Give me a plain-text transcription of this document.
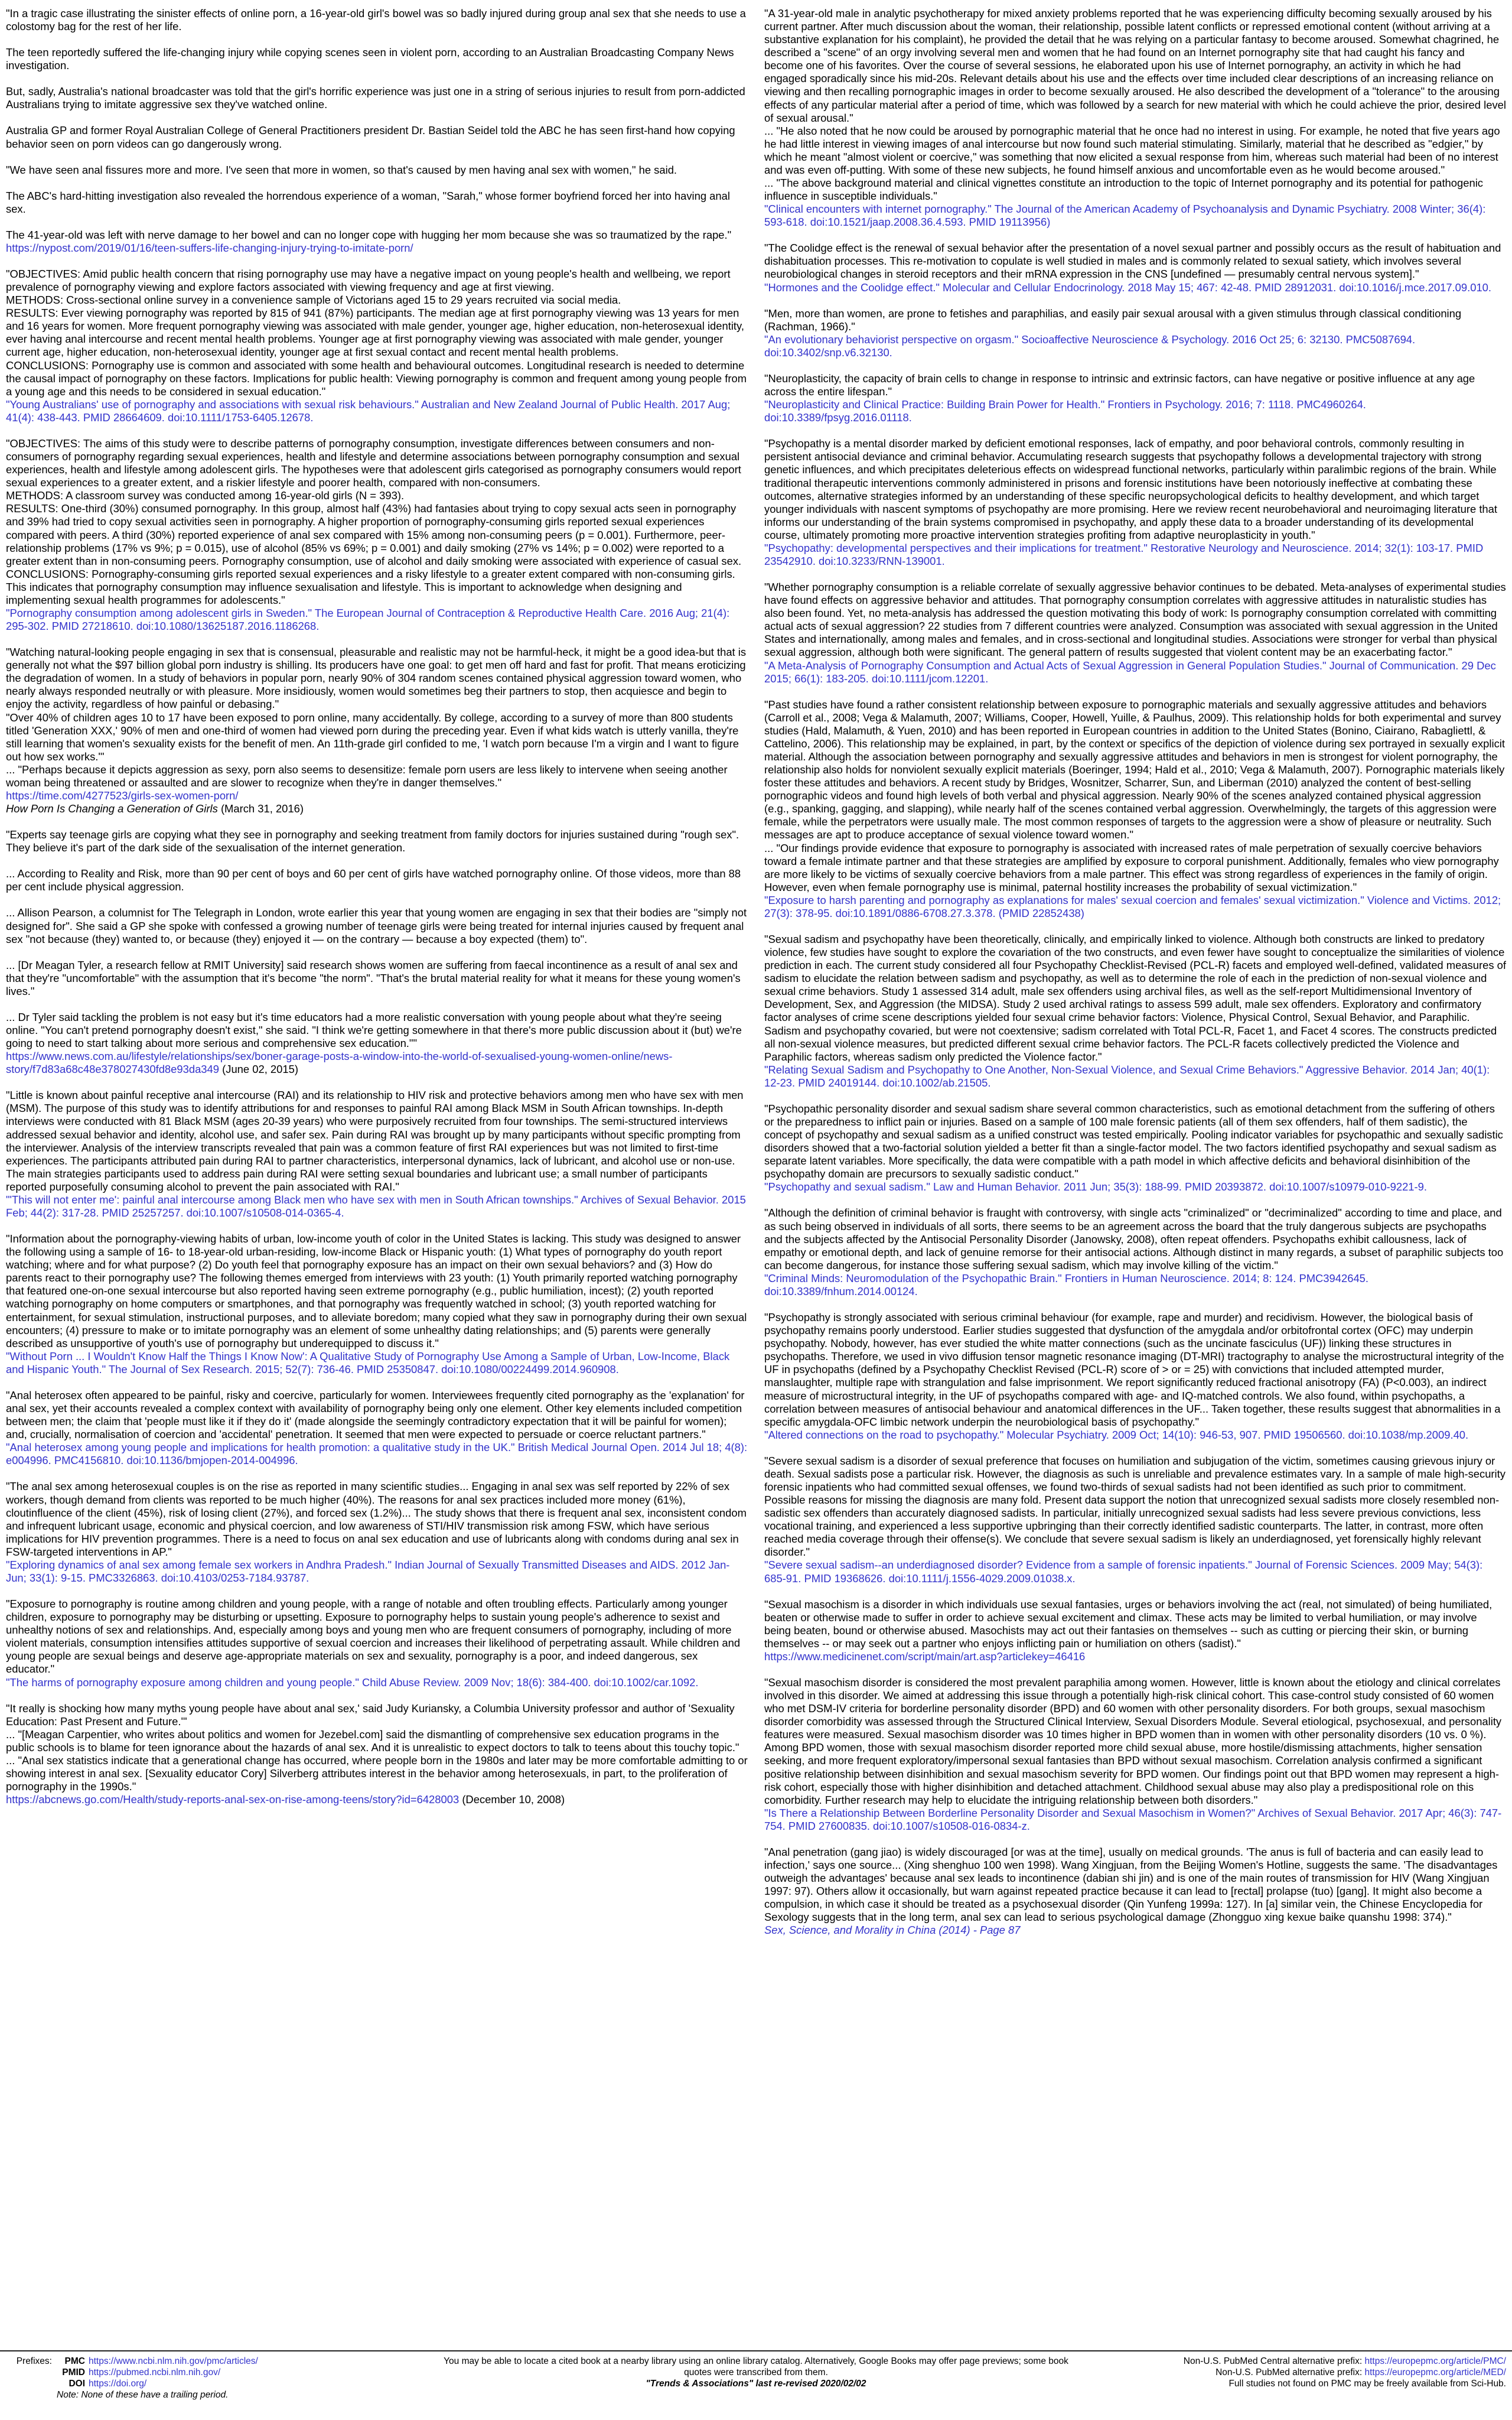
"In a tragic case illustrating the sinister effects of online porn, a 16-year-old girl's bowel was so badly injured during group anal sex that she needs to use a colostomy bag for the rest of her life.

The teen reportedly suffered the life-changing injury while copying scenes seen in violent porn, according to an Australian Broadcasting Company News investigation.

But, sadly, Australia's national broadcaster was told that the girl's horrific experience was just one in a string of serious injuries to result from porn-addicted Australians trying to imitate aggressive sex they've watched online.

Australia GP and former Royal Australian College of General Practitioners president Dr. Bastian Seidel told the ABC he has seen first-hand how copying behavior seen on porn videos can go dangerously wrong.

"We have seen anal fissures more and more. I've seen that more in women, so that's caused by men having anal sex with women," he said.

The ABC's hard-hitting investigation also revealed the horrendous experience of a woman, "Sarah," whose former boyfriend forced her into having anal sex.

The 41-year-old was left with nerve damage to her bowel and can no longer cope with hugging her mom because she was so traumatized by the rape."

https://nypost.com/2019/01/16/teen-suffers-life-changing-injury-trying-to-imitate-porn/

"OBJECTIVES: Amid public health concern that rising pornography use may have a negative impact on young people's health and wellbeing, we report prevalence of pornography viewing and explore factors associated with viewing frequency and age at first viewing.
METHODS: Cross-sectional online survey in a convenience sample of Victorians aged 15 to 29 years recruited via social media.
RESULTS: Ever viewing pornography was reported by 815 of 941 (87%) participants. The median age at first pornography viewing was 13 years for men and 16 years for women. More frequent pornography viewing was associated with male gender, younger age, higher education, non-heterosexual identity, ever having anal intercourse and recent mental health problems. Younger age at first pornography viewing was associated with male gender, younger current age, higher education, non-heterosexual identity, younger age at first sexual contact and recent mental health problems.
CONCLUSIONS: Pornography use is common and associated with some health and behavioural outcomes. Longitudinal research is needed to determine the causal impact of pornography on these factors. Implications for public health: Viewing pornography is common and frequent among young people from a young age and this needs to be considered in sexual education."

"Young Australians' use of pornography and associations with sexual risk behaviours." Australian and New Zealand Journal of Public Health. 2017 Aug; 41(4): 438-443. PMID 28664609. doi:10.1111/1753-6405.12678.

"OBJECTIVES: The aims of this study were to describe patterns of pornography consumption, investigate differences between consumers and non-consumers of pornography regarding sexual experiences, health and lifestyle and determine associations between pornography consumption and sexual experiences, health and lifestyle among adolescent girls. The hypotheses were that adolescent girls categorised as pornography consumers would report sexual experiences to a greater extent, and a riskier lifestyle and poorer health, compared with non-consumers.
METHODS: A classroom survey was conducted among 16-year-old girls (N = 393).
RESULTS: One-third (30%) consumed pornography. In this group, almost half (43%) had fantasies about trying to copy sexual acts seen in pornography and 39% had tried to copy sexual activities seen in pornography. A higher proportion of pornography-consuming girls reported sexual experiences compared with peers. A third (30%) reported experience of anal sex compared with 15% among non-consuming peers (p = 0.001). Furthermore, peer-relationship problems (17% vs 9%; p = 0.015), use of alcohol (85% vs 69%; p = 0.001) and daily smoking (27% vs 14%; p = 0.002) were reported to a greater extent than in non-consuming peers. Pornography consumption, use of alcohol and daily smoking were associated with experience of casual sex.
CONCLUSIONS: Pornography-consuming girls reported sexual experiences and a risky lifestyle to a greater extent compared with non-consuming girls. This indicates that pornography consumption may influence sexualisation and lifestyle. This is important to acknowledge when designing and implementing sexual health programmes for adolescents."

"Pornography consumption among adolescent girls in Sweden." The European Journal of Contraception & Reproductive Health Care. 2016 Aug; 21(4): 295-302. PMID 27218610. doi:10.1080/13625187.2016.1186268.

"Watching natural-looking people engaging in sex that is consensual, pleasurable and realistic may not be harmful-heck, it might be a good idea-but that is generally not what the $97 billion global porn industry is shilling. Its producers have one goal: to get men off hard and fast for profit. That means eroticizing the degradation of women. In a study of behaviors in popular porn, nearly 90% of 304 random scenes contained physical aggression toward women, who nearly always responded neutrally or with pleasure. More insidiously, women would sometimes beg their partners to stop, then acquiesce and begin to enjoy the activity, regardless of how painful or debasing."
"Over 40% of children ages 10 to 17 have been exposed to porn online, many accidentally. By college, according to a survey of more than 800 students titled 'Generation XXX,' 90% of men and one-third of women had viewed porn during the preceding year. Even if what kids watch is utterly vanilla, they're still learning that women's sexuality exists for the benefit of men. An 11th-grade girl confided to me, 'I watch porn because I'm a virgin and I want to figure out how sex works.'"
... "Perhaps because it depicts aggression as sexy, porn also seems to desensitize: female porn users are less likely to intervene when seeing another woman being threatened or assaulted and are slower to recognize when they're in danger themselves."

https://time.com/4277523/girls-sex-women-porn/
How Porn Is Changing a Generation of Girls (March 31, 2016)

"Experts say teenage girls are copying what they see in pornography and seeking treatment from family doctors for injuries sustained during "rough sex". They believe it's part of the dark side of the sexualisation of the internet generation.

... According to Reality and Risk, more than 90 per cent of boys and 60 per cent of girls have watched pornography online. Of those videos, more than 88 per cent include physical aggression.

... Allison Pearson, a columnist for The Telegraph in London, wrote earlier this year that young women are engaging in sex that their bodies are "simply not designed for". She said a GP she spoke with confessed a growing number of teenage girls were being treated for internal injuries caused by frequent anal sex "not because (they) wanted to, or because (they) enjoyed it — on the contrary — because a boy expected (them) to".

... [Dr Meagan Tyler, a research fellow at RMIT University] said research shows women are suffering from faecal incontinence as a result of anal sex and that they're "uncomfortable" with the assumption that it's become "the norm". "That's the brutal material reality for what it means for these young women's lives."

... Dr Tyler said tackling the problem is not easy but it's time educators had a more realistic conversation with young people about what they're seeing online. "You can't pretend pornography doesn't exist," she said. "I think we're getting somewhere in that there's more public discussion about it (but) we're going to need to start talking about more serious and comprehensive sex education.""

https://www.news.com.au/lifestyle/relationships/sex/boner-garage-posts-a-window-into-the-world-of-sexualised-young-women-online/news-story/f7d83a68c48e378027430fd8e93da349 (June 02, 2015)

"Little is known about painful receptive anal intercourse (RAI) and its relationship to HIV risk and protective behaviors among men who have sex with men (MSM). The purpose of this study was to identify attributions for and responses to painful RAI among Black MSM in South African townships. In-depth interviews were conducted with 81 Black MSM (ages 20-39 years) who were purposively recruited from four townships. The semi-structured interviews addressed sexual behavior and identity, alcohol use, and safer sex. Pain during RAI was brought up by many participants without specific prompting from the interviewer. Analysis of the interview transcripts revealed that pain was a common feature of first RAI experiences but was not limited to first-time experiences. The participants attributed pain during RAI to partner characteristics, interpersonal dynamics, lack of lubricant, and alcohol use or non-use. The main strategies participants used to address pain during RAI were setting sexual boundaries and lubricant use; a small number of participants reported purposefully consuming alcohol to prevent the pain associated with RAI."

"'This will not enter me': painful anal intercourse among Black men who have sex with men in South African townships." Archives of Sexual Behavior. 2015 Feb; 44(2): 317-28. PMID 25257257. doi:10.1007/s10508-014-0365-4.

"Information about the pornography-viewing habits of urban, low-income youth of color in the United States is lacking. This study was designed to answer the following using a sample of 16- to 18-year-old urban-residing, low-income Black or Hispanic youth: (1) What types of pornography do youth report watching; where and for what purpose? (2) Do youth feel that pornography exposure has an impact on their own sexual behaviors? and (3) How do parents react to their pornography use? The following themes emerged from interviews with 23 youth: (1) Youth primarily reported watching pornography that featured one-on-one sexual intercourse but also reported having seen extreme pornography (e.g., public humiliation, incest); (2) youth reported watching pornography on home computers or smartphones, and that pornography was frequently watched in school; (3) youth reported watching for entertainment, for sexual stimulation, instructional purposes, and to alleviate boredom; many copied what they saw in pornography during their own sexual encounters; (4) pressure to make or to imitate pornography was an element of some unhealthy dating relationships; and (5) parents were generally described as unsupportive of youth's use of pornography but underequipped to discuss it."

"Without Porn ... I Wouldn't Know Half the Things I Know Now': A Qualitative Study of Pornography Use Among a Sample of Urban, Low-Income, Black and Hispanic Youth." The Journal of Sex Research. 2015; 52(7): 736-46. PMID 25350847. doi:10.1080/00224499.2014.960908.

"Anal heterosex often appeared to be painful, risky and coercive, particularly for women. Interviewees frequently cited pornography as the 'explanation' for anal sex, yet their accounts revealed a complex context with availability of pornography being only one element. Other key elements included competition between men; the claim that 'people must like it if they do it' (made alongside the seemingly contradictory expectation that it will be painful for women); and, crucially, normalisation of coercion and 'accidental' penetration. It seemed that men were expected to persuade or coerce reluctant partners."

"Anal heterosex among young people and implications for health promotion: a qualitative study in the UK." British Medical Journal Open. 2014 Jul 18; 4(8): e004996. PMC4156810. doi:10.1136/bmjopen-2014-004996.

"The anal sex among heterosexual couples is on the rise as reported in many scientific studies... Engaging in anal sex was self reported by 22% of sex workers, though demand from clients was reported to be much higher (40%). The reasons for anal sex practices included more money (61%), cloutinfluence of the client (45%), risk of losing client (27%), and forced sex (1.2%)... The study shows that there is frequent anal sex, inconsistent condom and infrequent lubricant usage, economic and physical coercion, and low awareness of STI/HIV transmission risk among FSW, which have serious implications for HIV prevention programmes. There is a need to focus on anal sex education and use of lubricants along with condoms during anal sex in FSW-targeted interventions in AP."

"Exploring dynamics of anal sex among female sex workers in Andhra Pradesh." Indian Journal of Sexually Transmitted Diseases and AIDS. 2012 Jan-Jun; 33(1): 9-15. PMC3326863. doi:10.4103/0253-7184.93787.

"Exposure to pornography is routine among children and young people, with a range of notable and often troubling effects. Particularly among younger children, exposure to pornography may be disturbing or upsetting. Exposure to pornography helps to sustain young people's adherence to sexist and unhealthy notions of sex and relationships. And, especially among boys and young men who are frequent consumers of pornography, including of more violent materials, consumption intensifies attitudes supportive of sexual coercion and increases their likelihood of perpetrating assault. While children and young people are sexual beings and deserve age-appropriate materials on sex and sexuality, pornography is a poor, and indeed dangerous, sex educator."

"The harms of pornography exposure among children and young people." Child Abuse Review. 2009 Nov; 18(6): 384-400. doi:10.1002/car.1092.

"It really is shocking how many myths young people have about anal sex,' said Judy Kuriansky, a Columbia University professor and author of 'Sexuality Education: Past Present and Future.'"
... "[Meagan Carpentier, who writes about politics and women for Jezebel.com] said the dismantling of comprehensive sex education programs in the public schools is to blame for teen ignorance about the hazards of anal sex. And it is unrealistic to expect doctors to talk to teens about this touchy topic."
... "Anal sex statistics indicate that a generational change has occurred, where people born in the 1980s and later may be more comfortable admitting to or showing interest in anal sex. [Sexuality educator Cory] Silverberg attributes interest in the behavior among heterosexuals, in part, to the proliferation of pornography in the 1990s."

https://abcnews.go.com/Health/study-reports-anal-sex-on-rise-among-teens/story?id=6428003 (December 10, 2008)

"A 31-year-old male in analytic psychotherapy for mixed anxiety problems reported that he was experiencing difficulty becoming sexually aroused by his current partner. After much discussion about the woman, their relationship, possible latent conflicts or repressed emotional content (without arriving at a substantive explanation for his complaint), he provided the detail that he was relying on a particular fantasy to become aroused. Somewhat chagrined, he described a "scene" of an orgy involving several men and women that he had found on an Internet pornography site that had caught his fancy and become one of his favorites. Over the course of several sessions, he elaborated upon his use of Internet pornography, an activity in which he had engaged sporadically since his mid-20s. Relevant details about his use and the effects over time included clear descriptions of an increasing reliance on viewing and then recalling pornographic images in order to become sexually aroused. He also described the development of a "tolerance" to the arousing effects of any particular material after a period of time, which was followed by a search for new material with which he could achieve the prior, desired level of sexual arousal."
... "He also noted that he now could be aroused by pornographic material that he once had no interest in using. For example, he noted that five years ago he had little interest in viewing images of anal intercourse but now found such material stimulating. Similarly, material that he described as "edgier," by which he meant "almost violent or coercive," was something that now elicited a sexual response from him, whereas such material had been of no interest and was even off-putting. With some of these new subjects, he found himself anxious and uncomfortable even as he would become aroused."
... "The above background material and clinical vignettes constitute an introduction to the topic of Internet pornography and its potential for pathogenic influence in susceptible individuals."

"Clinical encounters with internet pornography." The Journal of the American Academy of Psychoanalysis and Dynamic Psychiatry. 2008 Winter; 36(4): 593-618. doi:10.1521/jaap.2008.36.4.593. PMID 19113956)

"The Coolidge effect is the renewal of sexual behavior after the presentation of a novel sexual partner and possibly occurs as the result of habituation and dishabituation processes. This re-motivation to copulate is well studied in males and is commonly related to sexual satiety, which involves several neurobiological changes in steroid receptors and their mRNA expression in the CNS [undefined — presumably central nervous system]."

"Hormones and the Coolidge effect." Molecular and Cellular Endocrinology. 2018 May 15; 467: 42-48. PMID 28912031. doi:10.1016/j.mce.2017.09.010.

"Men, more than women, are prone to fetishes and paraphilias, and easily pair sexual arousal with a given stimulus through classical conditioning (Rachman, 1966)."

"An evolutionary behaviorist perspective on orgasm." Socioaffective Neuroscience & Psychology. 2016 Oct 25; 6: 32130. PMC5087694. doi:10.3402/snp.v6.32130.

"Neuroplasticity, the capacity of brain cells to change in response to intrinsic and extrinsic factors, can have negative or positive influence at any age across the entire lifespan."

"Neuroplasticity and Clinical Practice: Building Brain Power for Health." Frontiers in Psychology. 2016; 7: 1118. PMC4960264. doi:10.3389/fpsyg.2016.01118.

"Psychopathy is a mental disorder marked by deficient emotional responses, lack of empathy, and poor behavioral controls, commonly resulting in persistent antisocial deviance and criminal behavior. Accumulating research suggests that psychopathy follows a developmental trajectory with strong genetic influences, and which precipitates deleterious effects on widespread functional networks, particularly within paralimbic regions of the brain. While traditional therapeutic interventions commonly administered in prisons and forensic institutions have been notoriously ineffective at combating these outcomes, alternative strategies informed by an understanding of these specific neuropsychological deficits to healthy development, and which target younger individuals with nascent symptoms of psychopathy are more promising. Here we review recent neurobehavioral and neuroimaging literature that informs our understanding of the brain systems compromised in psychopathy, and apply these data to a broader understanding of its developmental course, ultimately promoting more proactive intervention strategies profiting from adaptive neuroplasticity in youth."

"Psychopathy: developmental perspectives and their implications for treatment." Restorative Neurology and Neuroscience. 2014; 32(1): 103-17. PMID 23542910. doi:10.3233/RNN-139001.

"Whether pornography consumption is a reliable correlate of sexually aggressive behavior continues to be debated. Meta-analyses of experimental studies have found effects on aggressive behavior and attitudes. That pornography consumption correlates with aggressive attitudes in naturalistic studies has also been found. Yet, no meta-analysis has addressed the question motivating this body of work: Is pornography consumption correlated with committing actual acts of sexual aggression? 22 studies from 7 different countries were analyzed. Consumption was associated with sexual aggression in the United States and internationally, among males and females, and in cross-sectional and longitudinal studies. Associations were stronger for verbal than physical sexual aggression, although both were significant. The general pattern of results suggested that violent content may be an exacerbating factor."

"A Meta-Analysis of Pornography Consumption and Actual Acts of Sexual Aggression in General Population Studies." Journal of Communication. 29 Dec 2015; 66(1): 183-205. doi:10.1111/jcom.12201.

"Past studies have found a rather consistent relationship between exposure to pornographic materials and sexually aggressive attitudes and behaviors (Carroll et al., 2008; Vega & Malamuth, 2007; Williams, Cooper, Howell, Yuille, & Paulhus, 2009). This relationship holds for both experimental and survey studies (Hald, Malamuth, & Yuen, 2010) and has been reported in European countries in addition to the United States (Bonino, Ciairano, Rabagliettl, & Cattelino, 2006). This relationship may be explained, in part, by the context or specifics of the depiction of violence during sex portrayed in sexually explicit material. Although the association between pornography and sexually aggressive attitudes and behaviors in men is strongest for violent pornography, the relationship also holds for nonviolent sexually explicit materials (Boeringer, 1994; Hald et al., 2010; Vega & Malamuth, 2007). Pornographic materials likely foster these attitudes and behaviors. A recent study by Bridges, Wosnitzer, Scharrer, Sun, and Liberman (2010) analyzed the content of best-selling pornographic videos and found high levels of both verbal and physical aggression. Nearly 90% of the scenes analyzed contained physical aggression (e.g., spanking, gagging, and slapping), while nearly half of the scenes contained verbal aggression. Overwhelmingly, the targets of this aggression were female, while the perpetrators were usually male. The most common responses of targets to the aggression were a show of pleasure or neutrality. Such messages are apt to produce acceptance of sexual violence toward women."
... "Our findings provide evidence that exposure to pornography is associated with increased rates of male perpetration of sexually coercive behaviors toward a female intimate partner and that these strategies are amplified by exposure to corporal punishment. Additionally, females who view pornography are more likely to be victims of sexually coercive behaviors from a male partner. This effect was strong regardless of experiences in the family of origin. However, even when female pornography use is minimal, paternal hostility increases the probability of sexual victimization."

"Exposure to harsh parenting and pornography as explanations for males' sexual coercion and females' sexual victimization." Violence and Victims. 2012; 27(3): 378-95. doi:10.1891/0886-6708.27.3.378. (PMID 22852438)

"Sexual sadism and psychopathy have been theoretically, clinically, and empirically linked to violence. Although both constructs are linked to predatory violence, few studies have sought to explore the covariation of the two constructs, and even fewer have sought to conceptualize the similarities of violence prediction in each. The current study considered all four Psychopathy Checklist-Revised (PCL-R) facets and employed well-defined, validated measures of sadism to elucidate the relation between sadism and psychopathy, as well as to determine the role of each in the prediction of non-sexual violence and sexual crime behaviors. Study 1 assessed 314 adult, male sex offenders using archival files, as well as the self-report Multidimensional Inventory of Development, Sex, and Aggression (the MIDSA). Study 2 used archival ratings to assess 599 adult, male sex offenders. Exploratory and confirmatory factor analyses of crime scene descriptions yielded four sexual crime behavior factors: Violence, Physical Control, Sexual Behavior, and Paraphilic. Sadism and psychopathy covaried, but were not coextensive; sadism correlated with Total PCL-R, Facet 1, and Facet 4 scores. The constructs predicted all non-sexual violence measures, but predicted different sexual crime behavior factors. The PCL-R facets collectively predicted the Violence and Paraphilic factors, whereas sadism only predicted the Violence factor."

"Relating Sexual Sadism and Psychopathy to One Another, Non-Sexual Violence, and Sexual Crime Behaviors." Aggressive Behavior. 2014 Jan; 40(1): 12-23. PMID 24019144. doi:10.1002/ab.21505.

"Psychopathic personality disorder and sexual sadism share several common characteristics, such as emotional detachment from the suffering of others or the preparedness to inflict pain or injuries. Based on a sample of 100 male forensic patients (all of them sex offenders, half of them sadistic), the concept of psychopathy and sexual sadism as a unified construct was tested empirically. Pooling indicator variables for psychopathic and sexually sadistic disorders showed that a two-factorial solution yielded a better fit than a single-factor model. The two factors identified psychopathy and sexual sadism as separate latent variables. More specifically, the data were compatible with a path model in which affective deficits and behavioral disinhibition of the psychopathy domain are precursors to sexually sadistic conduct."

"Psychopathy and sexual sadism." Law and Human Behavior. 2011 Jun; 35(3): 188-99. PMID 20393872. doi:10.1007/s10979-010-9221-9.

"Although the definition of criminal behavior is fraught with controversy, with single acts "criminalized" or "decriminalized" according to time and place, and as such being observed in individuals of all sorts, there seems to be an agreement across the board that the truly dangerous subjects are psychopaths and the subjects affected by the Antisocial Personality Disorder (Janowsky, 2008), often repeat offenders. Psychopaths exhibit callousness, lack of empathy or emotional depth, and lack of genuine remorse for their antisocial actions. Although distinct in many regards, a subset of paraphilic subjects too can become dangerous, for instance those suffering sexual sadism, which may involve killing of the victim."

"Criminal Minds: Neuromodulation of the Psychopathic Brain." Frontiers in Human Neuroscience. 2014; 8: 124. PMC3942645. doi:10.3389/fnhum.2014.00124.

"Psychopathy is strongly associated with serious criminal behaviour (for example, rape and murder) and recidivism. However, the biological basis of psychopathy remains poorly understood. Earlier studies suggested that dysfunction of the amygdala and/or orbitofrontal cortex (OFC) may underpin psychopathy. Nobody, however, has ever studied the white matter connections (such as the uncinate fasciculus (UF)) linking these structures in psychopaths. Therefore, we used in vivo diffusion tensor magnetic resonance imaging (DT-MRI) tractography to analyse the microstructural integrity of the UF in psychopaths (defined by a Psychopathy Checklist Revised (PCL-R) score of > or = 25) with convictions that included attempted murder, manslaughter, multiple rape with strangulation and false imprisonment. We report significantly reduced fractional anisotropy (FA) (P<0.003), an indirect measure of microstructural integrity, in the UF of psychopaths compared with age- and IQ-matched controls. We also found, within psychopaths, a correlation between measures of antisocial behaviour and anatomical differences in the UF... Taken together, these results suggest that abnormalities in a specific amygdala-OFC limbic network underpin the neurobiological basis of psychopathy."

"Altered connections on the road to psychopathy." Molecular Psychiatry. 2009 Oct; 14(10): 946-53, 907. PMID 19506560. doi:10.1038/mp.2009.40.

"Severe sexual sadism is a disorder of sexual preference that focuses on humiliation and subjugation of the victim, sometimes causing grievous injury or death. Sexual sadists pose a particular risk. However, the diagnosis as such is unreliable and prevalence estimates vary. In a sample of male high-security forensic inpatients who had committed sexual offenses, we found two-thirds of sexual sadists had not been identified as such prior to commitment. Possible reasons for missing the diagnosis are many fold. Present data support the notion that unrecognized sexual sadists more closely resembled non-sadistic sex offenders than accurately diagnosed sadists. In particular, initially unrecognized sexual sadists had less severe previous convictions, less vocational training, and experienced a less supportive upbringing than their correctly identified sadistic counterparts. The latter, in contrast, more often reached media coverage through their offense(s). We conclude that severe sexual sadism is likely an underdiagnosed, yet forensically highly relevant disorder."

"Severe sexual sadism--an underdiagnosed disorder? Evidence from a sample of forensic inpatients." Journal of Forensic Sciences. 2009 May; 54(3): 685-91. PMID 19368626. doi:10.1111/j.1556-4029.2009.01038.x.

"Sexual masochism is a disorder in which individuals use sexual fantasies, urges or behaviors involving the act (real, not simulated) of being humiliated, beaten or otherwise made to suffer in order to achieve sexual excitement and climax. These acts may be limited to verbal humiliation, or may involve being beaten, bound or otherwise abused. Masochists may act out their fantasies on themselves -- such as cutting or piercing their skin, or burning themselves -- or may seek out a partner who enjoys inflicting pain or humiliation on others (sadist)."

https://www.medicinenet.com/script/main/art.asp?articlekey=46416

"Sexual masochism disorder is considered the most prevalent paraphilia among women. However, little is known about the etiology and clinical correlates involved in this disorder. We aimed at addressing this issue through a potentially high-risk clinical cohort. This case-control study consisted of 60 women who met DSM-IV criteria for borderline personality disorder (BPD) and 60 women with other personality disorders. For both groups, sexual masochism disorder comorbidity was assessed through the Structured Clinical Interview, Sexual Disorders Module. Several etiological, psychosexual, and personality features were measured. Sexual masochism disorder was 10 times higher in BPD women than in women with other personality disorders (10 vs. 0 %). Among BPD women, those with sexual masochism disorder reported more child sexual abuse, more hostile/dismissing attachments, higher sensation seeking, and more frequent exploratory/impersonal sexual fantasies than BPD without sexual masochism. Correlation analysis confirmed a significant positive relationship between disinhibition and sexual masochism severity for BPD women. Our findings point out that BPD women may represent a high-risk cohort, especially those with higher disinhibition and detached attachment. Childhood sexual abuse may also play a predispositional role on this comorbidity. Further research may help to elucidate the intriguing relationship between both disorders."

"Is There a Relationship Between Borderline Personality Disorder and Sexual Masochism in Women?" Archives of Sexual Behavior. 2017 Apr; 46(3): 747-754. PMID 27600835. doi:10.1007/s10508-016-0834-z.

"Anal penetration (gang jiao) is widely discouraged [or was at the time], usually on medical grounds. 'The anus is full of bacteria and can easily lead to infection,' says one source... (Xing shenghuo 100 wen 1998). Wang Xingjuan, from the Beijing Women's Hotline, suggests the same. 'The disadvantages outweigh the advantages' because anal sex leads to incontinence (dabian shi jin) and is one of the main routes of transmission for HIV (Wang Xingjuan 1997: 97). Others allow it occasionally, but warn against repeated practice because it can lead to [rectal] prolapse (tuo) [gang]. It might also become a compulsion, in which case it should be treated as a psychosexual disorder (Qin Yunfeng 1999a: 127). In [a] similar vein, the Chinese Encyclopedia for Sexology suggests that in the long term, anal sex can lead to serious psychological damage (Zhongguo xing kexue baike quanshu 1998: 374)."

Sex, Science, and Morality in China (2014) - Page 87
Prefixes:	PMC https://www.ncbi.nlm.nih.gov/pmc/articles/
PMID https://pubmed.ncbi.nlm.nih.gov/
DOI https://doi.org/
Note: None of these have a trailing period.
You may be able to locate a cited book at a nearby library using an online library catalog. Alternatively, Google Books may offer page previews; some book
quotes were transcribed from them.
"Trends & Associations" last re-revised 2020/02/02
Non-U.S. PubMed Central alternative prefix: https://europepmc.org/article/PMC/
Non-U.S. PubMed alternative prefix: https://europepmc.org/article/MED/
Full studies not found on PMC may be freely available from Sci-Hub.
